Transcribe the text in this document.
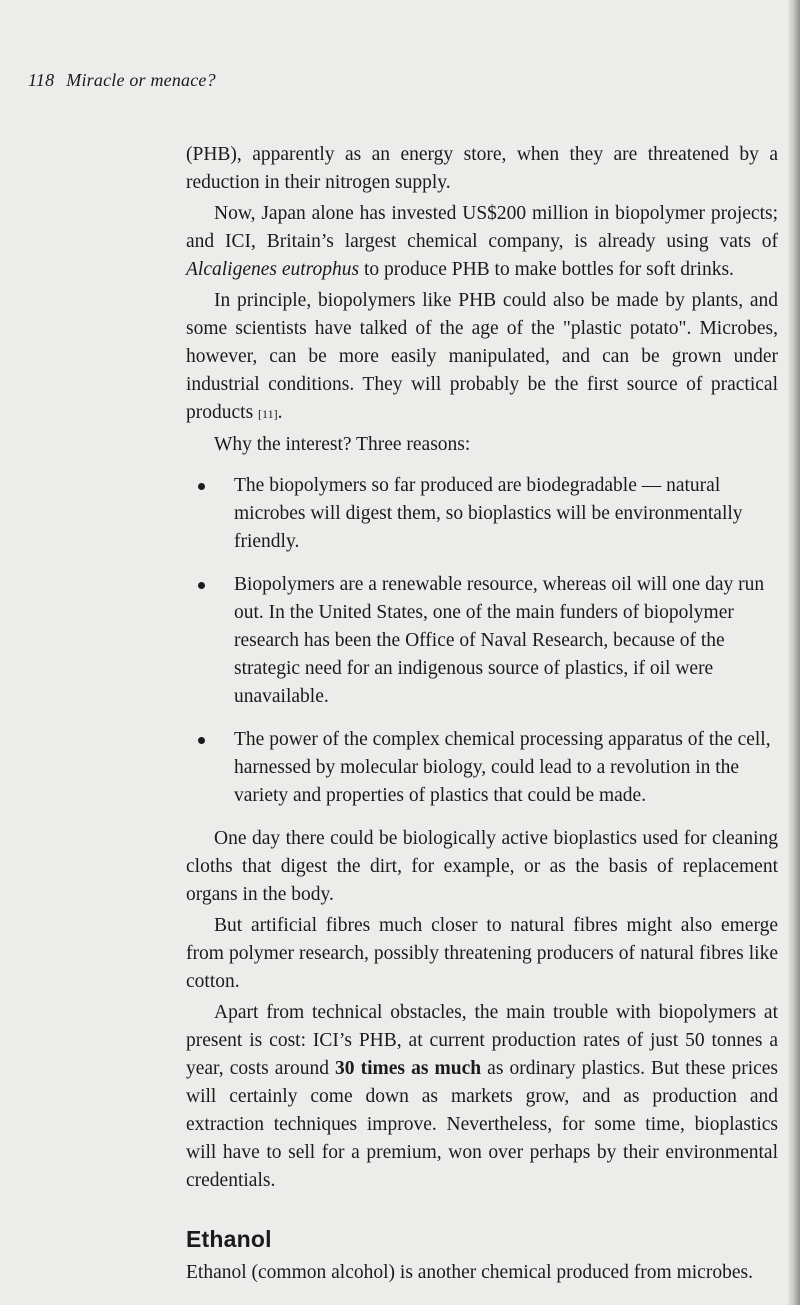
118 Miracle or menace?

(PHB), apparently as an energy store, when they are threatened by a reduction in their nitrogen supply.

Now, Japan alone has invested US$200 million in biopolymer projects; and ICI, Britain’s largest chemical company, is already using vats of Alcaligenes eutrophus to produce PHB to make bottles for soft drinks.

In principle, biopolymers like PHB could also be made by plants, and some scientists have talked of the age of the "plastic potato". Microbes, however, can be more easily manipulated, and can be grown under industrial conditions. They will probably be the first source of practical products [11].

Why the interest? Three reasons:

The biopolymers so far produced are biodegradable — natural microbes will digest them, so bioplastics will be environmentally friendly.
Biopolymers are a renewable resource, whereas oil will one day run out. In the United States, one of the main funders of biopolymer research has been the Office of Naval Research, because of the strategic need for an indigenous source of plastics, if oil were unavailable.
The power of the complex chemical processing apparatus of the cell, harnessed by molecular biology, could lead to a revolution in the variety and properties of plastics that could be made.

One day there could be biologically active bioplastics used for cleaning cloths that digest the dirt, for example, or as the basis of replacement organs in the body.

But artificial fibres much closer to natural fibres might also emerge from polymer research, possibly threatening producers of natural fibres like cotton.

Apart from technical obstacles, the main trouble with biopolymers at present is cost: ICI’s PHB, at current production rates of just 50 tonnes a year, costs around 30 times as much as ordinary plastics. But these prices will certainly come down as markets grow, and as production and extraction techniques improve. Nevertheless, for some time, bioplastics will have to sell for a premium, won over perhaps by their environmental credentials.

Ethanol

Ethanol (common alcohol) is another chemical produced from microbes.
